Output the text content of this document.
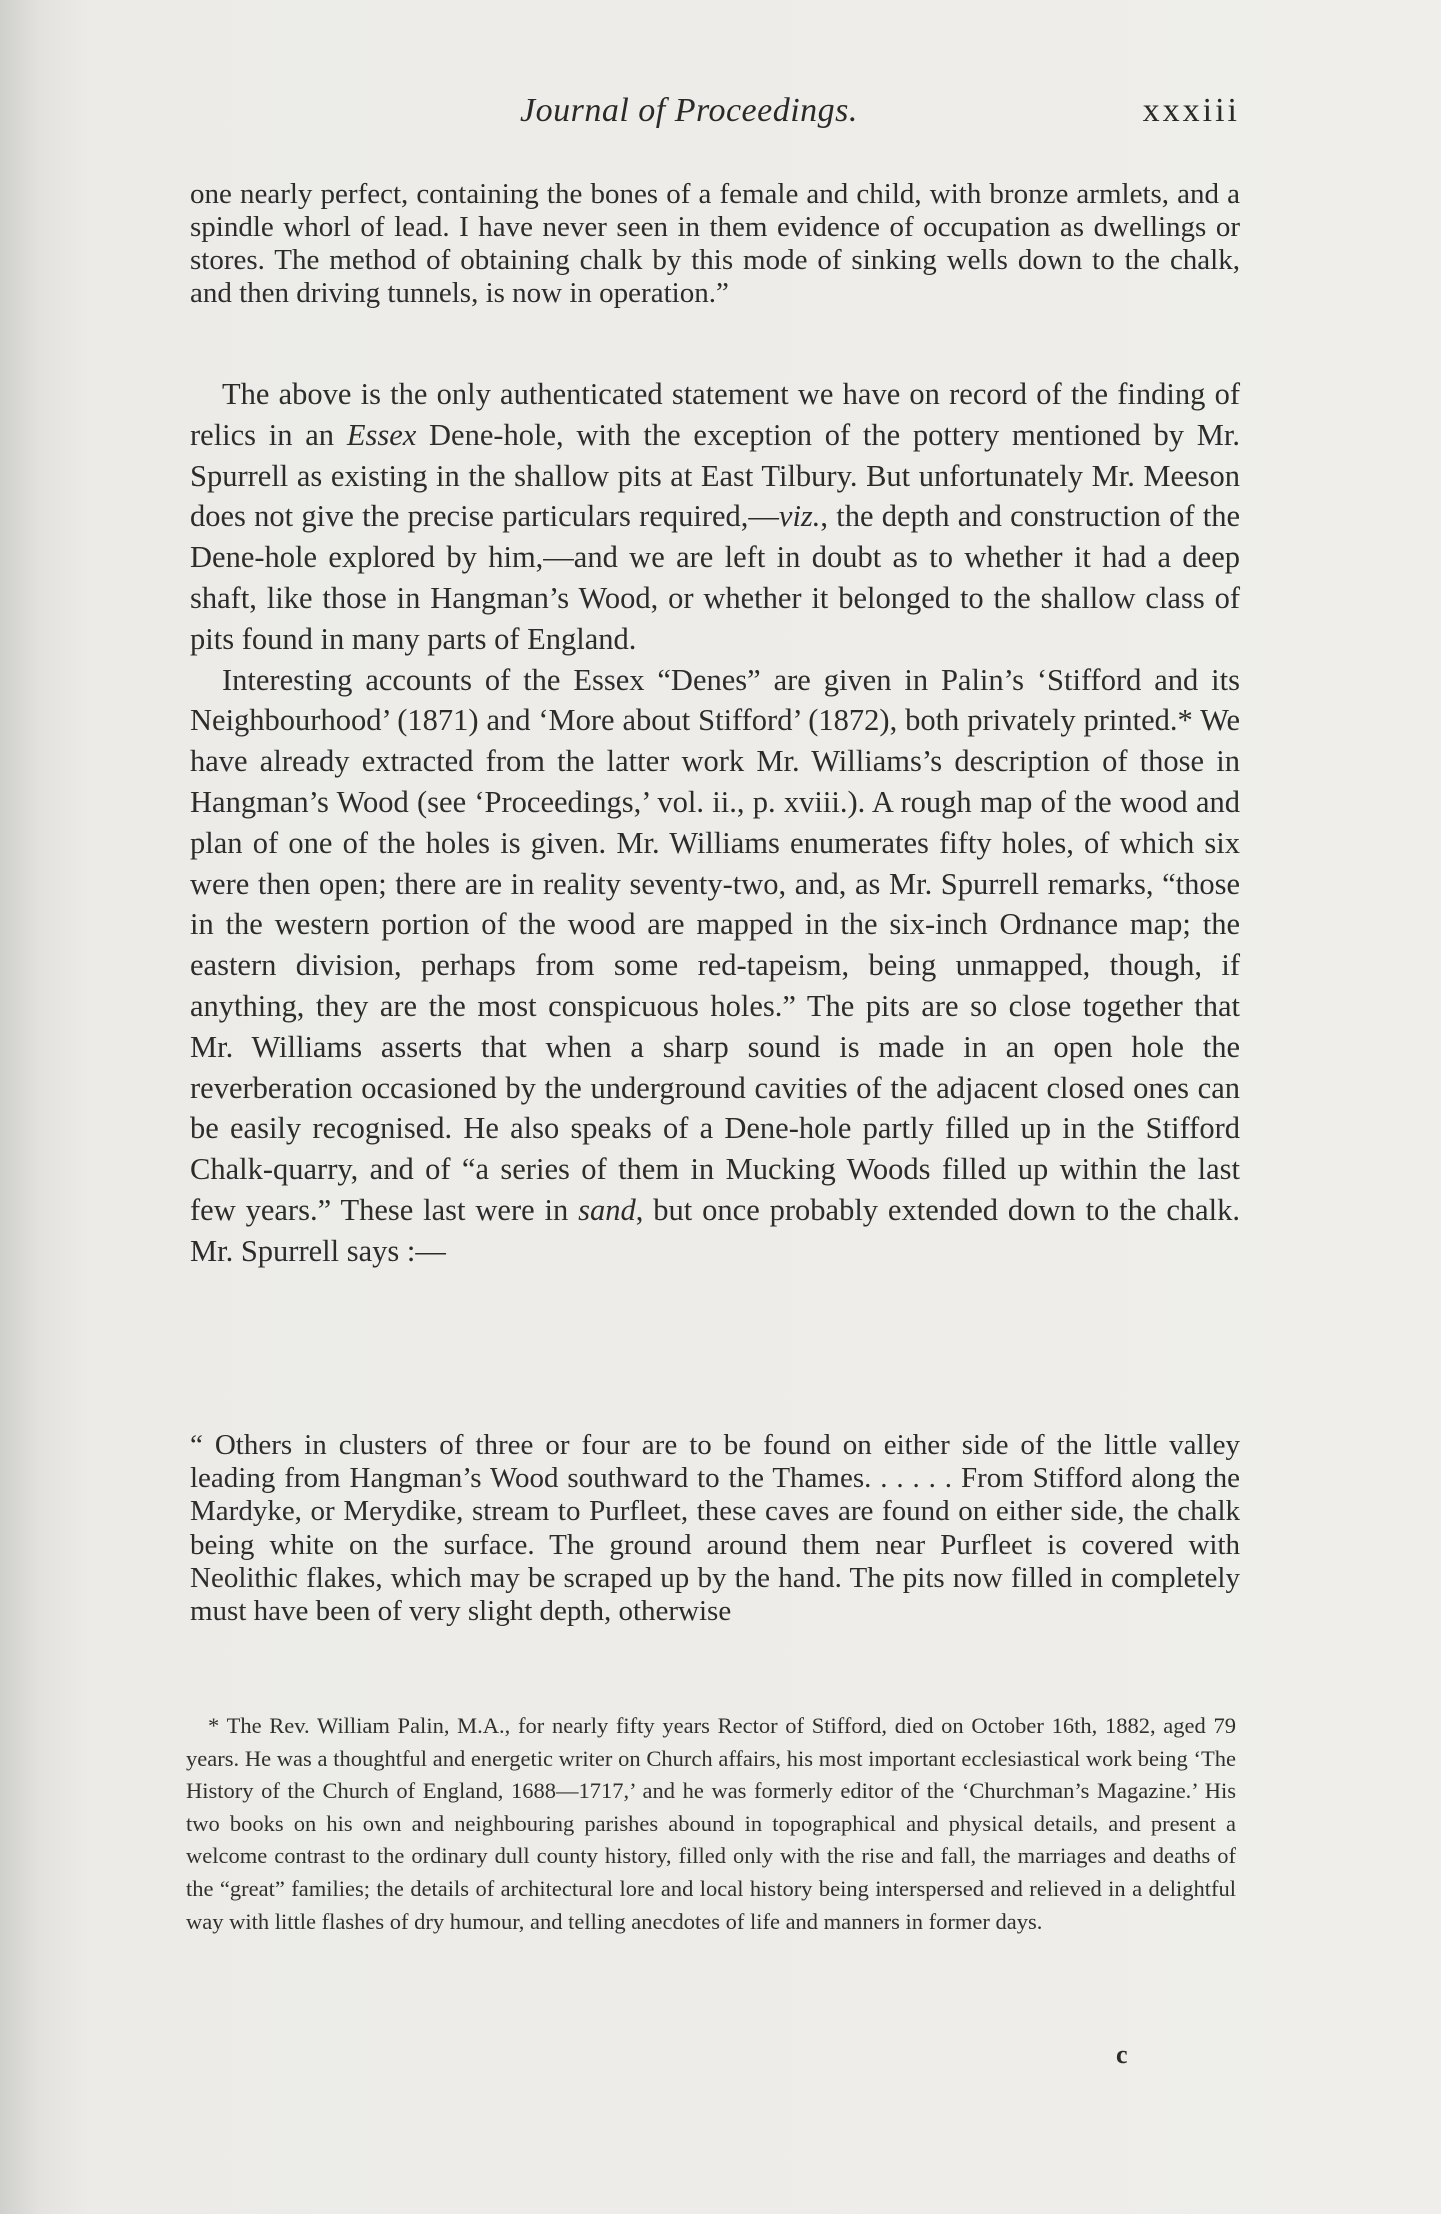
Journal of Proceedings.	xxxiii

one nearly perfect, containing the bones of a female and child, with bronze armlets, and a spindle whorl of lead. I have never seen in them evidence of occupation as dwellings or stores. The method of obtaining chalk by this mode of sinking wells down to the chalk, and then driving tunnels, is now in operation.”

The above is the only authenticated statement we have on record of the finding of relics in an Essex Dene-hole, with the exception of the pottery mentioned by Mr. Spurrell as existing in the shallow pits at East Tilbury. But unfortunately Mr. Meeson does not give the precise particulars required,—viz., the depth and construction of the Dene-hole explored by him,—and we are left in doubt as to whether it had a deep shaft, like those in Hangman’s Wood, or whether it belonged to the shallow class of pits found in many parts of England.

Interesting accounts of the Essex “Denes” are given in Palin’s ‘Stifford and its Neighbourhood’ (1871) and ‘More about Stifford’ (1872), both privately printed.* We have already extracted from the latter work Mr. Williams’s description of those in Hangman’s Wood (see ‘Proceedings,’ vol. ii., p. xviii.). A rough map of the wood and plan of one of the holes is given. Mr. Williams enumerates fifty holes, of which six were then open; there are in reality seventy-two, and, as Mr. Spurrell remarks, “those in the western portion of the wood are mapped in the six-inch Ordnance map; the eastern division, perhaps from some red-tapeism, being unmapped, though, if anything, they are the most conspicuous holes.” The pits are so close together that Mr. Williams asserts that when a sharp sound is made in an open hole the reverberation occasioned by the underground cavities of the adjacent closed ones can be easily recognised. He also speaks of a Dene-hole partly filled up in the Stifford Chalk-quarry, and of “a series of them in Mucking Woods filled up within the last few years.” These last were in sand, but once probably extended down to the chalk. Mr. Spurrell says :—

“ Others in clusters of three or four are to be found on either side of the little valley leading from Hangman’s Wood southward to the Thames. . . . . . From Stifford along the Mardyke, or Merydike, stream to Purfleet, these caves are found on either side, the chalk being white on the surface. The ground around them near Purfleet is covered with Neolithic flakes, which may be scraped up by the hand. The pits now filled in completely must have been of very slight depth, otherwise

* The Rev. William Palin, M.A., for nearly fifty years Rector of Stifford, died on October 16th, 1882, aged 79 years. He was a thoughtful and energetic writer on Church affairs, his most important ecclesiastical work being ‘The History of the Church of England, 1688—1717,’ and he was formerly editor of the ‘Churchman’s Magazine.’ His two books on his own and neighbouring parishes abound in topographical and physical details, and present a welcome contrast to the ordinary dull county history, filled only with the rise and fall, the marriages and deaths of the “great” families; the details of architectural lore and local history being interspersed and relieved in a delightful way with little flashes of dry humour, and telling anecdotes of life and manners in former days.

c
